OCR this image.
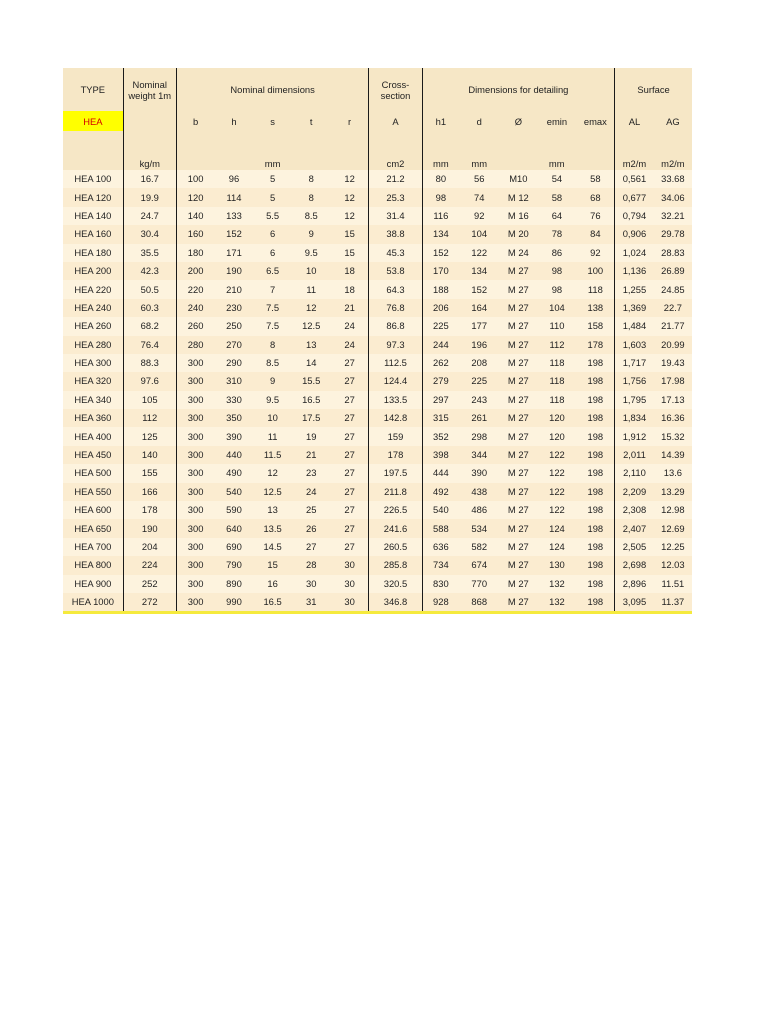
TYPE	Nominal weight 1m	Nominal dimensions					Cross-section	Dimensions for detailing					Surface	
HEA		b	h	s	t	r	A	h1	d	Ø	emin	emax	AL	AG

	kg/m	mm					cm2	mm	mm	mm			m2/m	m2/m
HEA 100	16.7	100	96	5	8	12	21.2	80	56	M10	54	58	0,561	33.68
HEA 120	19.9	120	114	5	8	12	25.3	98	74	M 12	58	68	0,677	34.06
HEA 140	24.7	140	133	5.5	8.5	12	31.4	116	92	M 16	64	76	0,794	32.21
HEA 160	30.4	160	152	6	9	15	38.8	134	104	M 20	78	84	0,906	29.78
HEA 180	35.5	180	171	6	9.5	15	45.3	152	122	M 24	86	92	1,024	28.83
HEA 200	42.3	200	190	6.5	10	18	53.8	170	134	M 27	98	100	1,136	26.89
HEA 220	50.5	220	210	7	11	18	64.3	188	152	M 27	98	118	1,255	24.85
HEA 240	60.3	240	230	7.5	12	21	76.8	206	164	M 27	104	138	1,369	22.7
HEA 260	68.2	260	250	7.5	12.5	24	86.8	225	177	M 27	110	158	1,484	21.77
HEA 280	76.4	280	270	8	13	24	97.3	244	196	M 27	112	178	1,603	20.99
HEA 300	88.3	300	290	8.5	14	27	112.5	262	208	M 27	118	198	1,717	19.43
HEA 320	97.6	300	310	9	15.5	27	124.4	279	225	M 27	118	198	1,756	17.98
HEA 340	105	300	330	9.5	16.5	27	133.5	297	243	M 27	118	198	1,795	17.13
HEA 360	112	300	350	10	17.5	27	142.8	315	261	M 27	120	198	1,834	16.36
HEA 400	125	300	390	11	19	27	159	352	298	M 27	120	198	1,912	15.32
HEA 450	140	300	440	11.5	21	27	178	398	344	M 27	122	198	2,011	14.39
HEA 500	155	300	490	12	23	27	197.5	444	390	M 27	122	198	2,110	13.6
HEA 550	166	300	540	12.5	24	27	211.8	492	438	M 27	122	198	2,209	13.29
HEA 600	178	300	590	13	25	27	226.5	540	486	M 27	122	198	2,308	12.98
HEA 650	190	300	640	13.5	26	27	241.6	588	534	M 27	124	198	2,407	12.69
HEA 700	204	300	690	14.5	27	27	260.5	636	582	M 27	124	198	2,505	12.25
HEA 800	224	300	790	15	28	30	285.8	734	674	M 27	130	198	2,698	12.03
HEA 900	252	300	890	16	30	30	320.5	830	770	M 27	132	198	2,896	11.51
HEA 1000	272	300	990	16.5	31	30	346.8	928	868	M 27	132	198	3,095	11.37
